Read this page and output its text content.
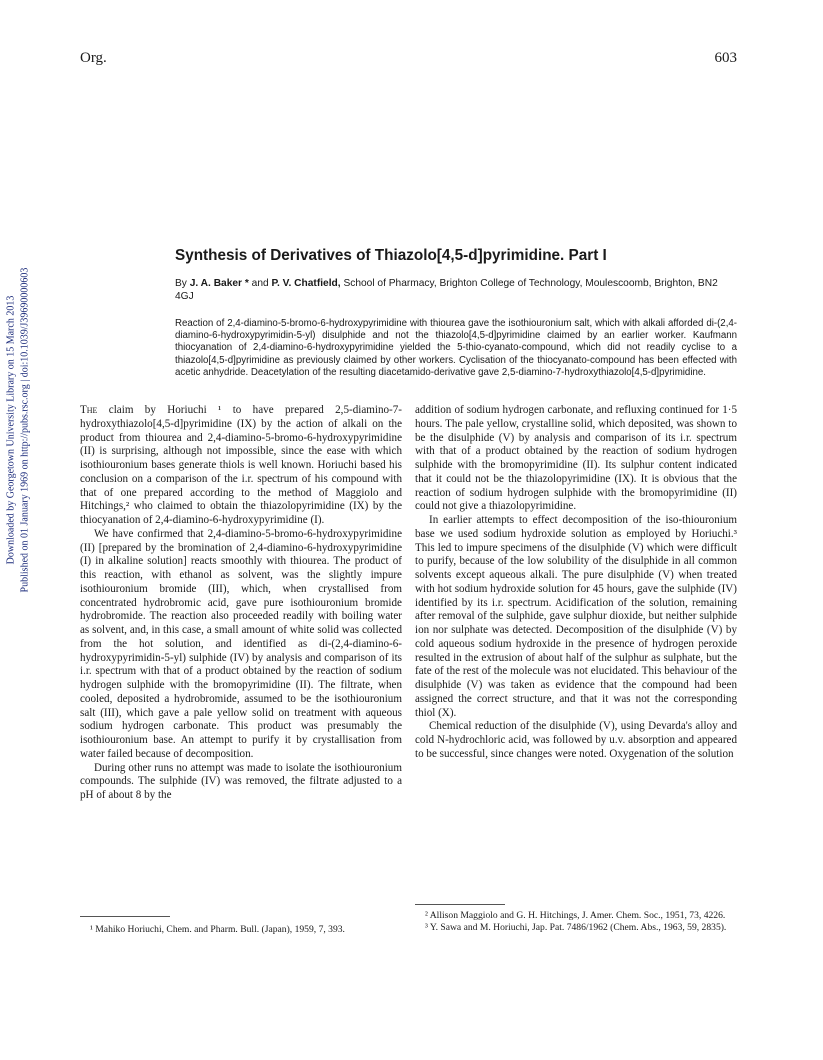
Org.	603
Downloaded by Georgetown University Library on 15 March 2013 Published on 01 January 1969 on http://pubs.rsc.org | doi:10.1039/J39690000603
Synthesis of Derivatives of Thiazolo[4,5-d]pyrimidine. Part I
By J. A. Baker * and P. V. Chatfield, School of Pharmacy, Brighton College of Technology, Moulescoomb, Brighton, BN2 4GJ
Reaction of 2,4-diamino-5-bromo-6-hydroxypyrimidine with thiourea gave the isothiouronium salt, which with alkali afforded di-(2,4-diamino-6-hydroxypyrimidin-5-yl) disulphide and not the thiazolo[4,5-d]pyrimidine claimed by an earlier worker. Kaufmann thiocyanation of 2,4-diamino-6-hydroxypyrimidine yielded the 5-thio-cyanato-compound, which did not readily cyclise to a thiazolo[4,5-d]pyrimidine as previously claimed by other workers. Cyclisation of the thiocyanato-compound has been effected with acetic anhydride. Deacetylation of the resulting diacetamido-derivative gave 2,5-diamino-7-hydroxythiazolo[4,5-d]pyrimidine.

The claim by Horiuchi ¹ to have prepared 2,5-diamino-7-hydroxythiazolo[4,5-d]pyrimidine (IX) by the action of alkali on the product from thiourea and 2,4-diamino-5-bromo-6-hydroxypyrimidine (II) is surprising, although not impossible, since the ease with which isothiouronium bases generate thiols is well known. Horiuchi based his conclusion on a comparison of the i.r. spectrum of his compound with that of one prepared according to the method of Maggiolo and Hitchings,² who claimed to obtain the thiazolopyrimidine (IX) by the thiocyanation of 2,4-diamino-6-hydroxypyrimidine (I).

We have confirmed that 2,4-diamino-5-bromo-6-hydroxypyrimidine (II) [prepared by the bromination of 2,4-diamino-6-hydroxypyrimidine (I) in alkaline solution] reacts smoothly with thiourea. The product of this reaction, with ethanol as solvent, was the slightly impure isothiouronium bromide (III), which, when crystallised from concentrated hydrobromic acid, gave pure isothiouronium bromide hydrobromide. The reaction also proceeded readily with boiling water as solvent, and, in this case, a small amount of white solid was collected from the hot solution, and identified as di-(2,4-diamino-6-hydroxypyrimidin-5-yl) sulphide (IV) by analysis and comparison of its i.r. spectrum with that of a product obtained by the reaction of sodium hydrogen sulphide with the bromopyrimidine (II). The filtrate, when cooled, deposited a hydrobromide, assumed to be the isothiouronium salt (III), which gave a pale yellow solid on treatment with aqueous sodium hydrogen carbonate. This product was presumably the isothiouronium base. An attempt to purify it by crystallisation from water failed because of decomposition.

During other runs no attempt was made to isolate the isothiouronium compounds. The sulphide (IV) was removed, the filtrate adjusted to a pH of about 8 by the

addition of sodium hydrogen carbonate, and refluxing continued for 1·5 hours. The pale yellow, crystalline solid, which deposited, was shown to be the disulphide (V) by analysis and comparison of its i.r. spectrum with that of a product obtained by the reaction of sodium hydrogen sulphide with the bromopyrimidine (II). Its sulphur content indicated that it could not be the thiazolopyrimidine (IX). It is obvious that the reaction of sodium hydrogen sulphide with the bromopyrimidine (II) could not give a thiazolopyrimidine.

In earlier attempts to effect decomposition of the iso-thiouronium base we used sodium hydroxide solution as employed by Horiuchi.³ This led to impure specimens of the disulphide (V) which were difficult to purify, because of the low solubility of the disulphide in all common solvents except aqueous alkali. The pure disulphide (V) when treated with hot sodium hydroxide solution for 45 hours, gave the sulphide (IV) identified by its i.r. spectrum. Acidification of the solution, remaining after removal of the sulphide, gave sulphur dioxide, but neither sulphide ion nor sulphate was detected. Decomposition of the disulphide (V) by cold aqueous sodium hydroxide in the presence of hydrogen peroxide resulted in the extrusion of about half of the sulphur as sulphate, but the fate of the rest of the molecule was not elucidated. This behaviour of the disulphide (V) was taken as evidence that the compound had been assigned the correct structure, and that it was not the corresponding thiol (X).

Chemical reduction of the disulphide (V), using Devarda's alloy and cold N-hydrochloric acid, was followed by u.v. absorption and appeared to be successful, since changes were noted. Oxygenation of the solution

¹ Mahiko Horiuchi, Chem. and Pharm. Bull. (Japan), 1959, 7, 393.

² Allison Maggiolo and G. H. Hitchings, J. Amer. Chem. Soc., 1951, 73, 4226.

³ Y. Sawa and M. Horiuchi, Jap. Pat. 7486/1962 (Chem. Abs., 1963, 59, 2835).
